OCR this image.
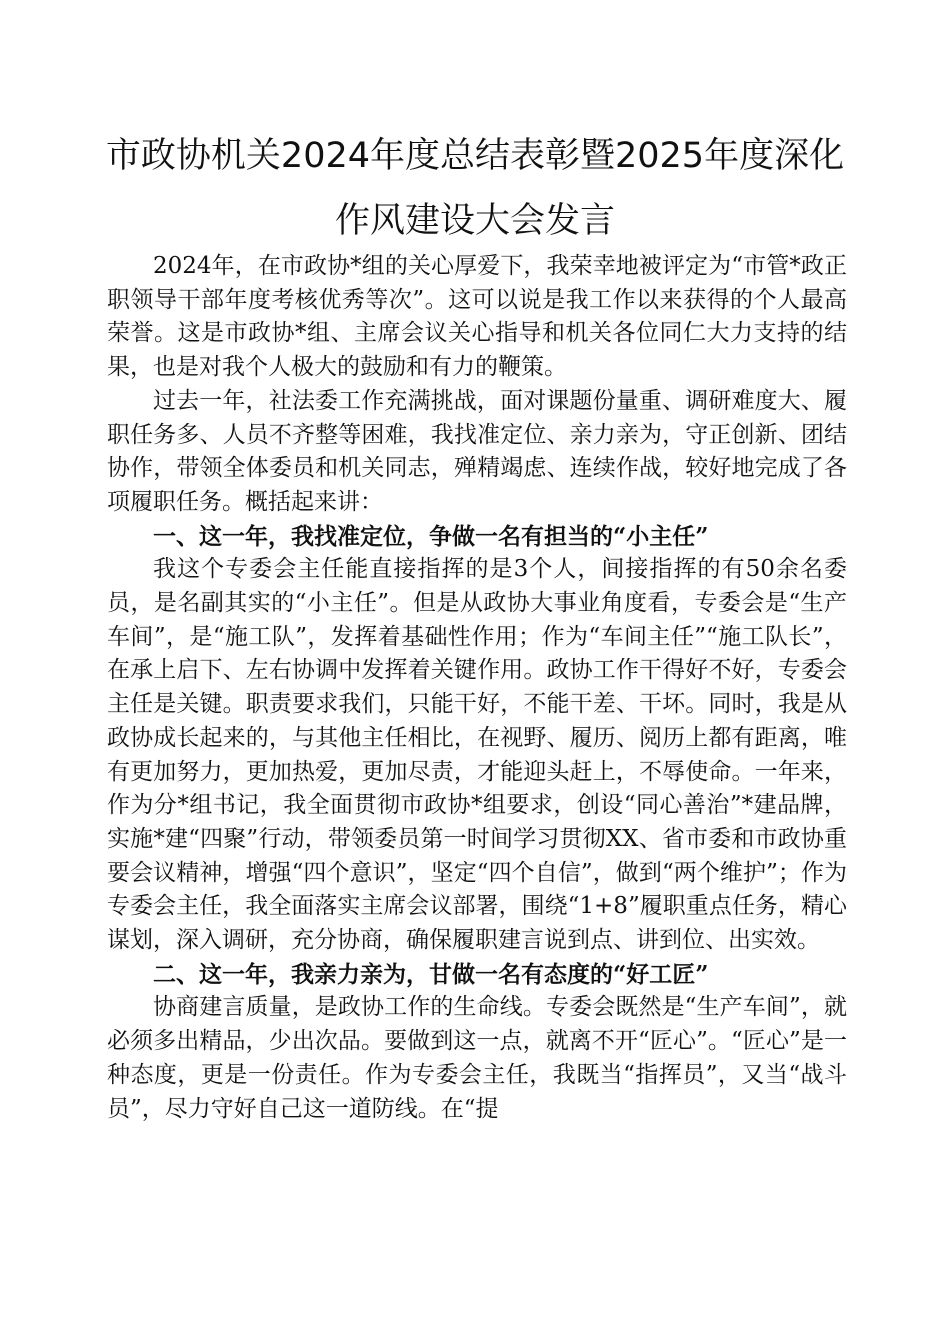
市政协机关2024年度总结表彰暨2025年度深化
作风建设大会发言

2024年，在市政协*组的关心厚爱下，我荣幸地被评定为“市管*政正职领导干部年度考核优秀等次”。这可以说是我工作以来获得的个人最高荣誉。这是市政协*组、主席会议关心指导和机关各位同仁大力支持的结果，也是对我个人极大的鼓励和有力的鞭策。

过去一年，社法委工作充满挑战，面对课题份量重、调研难度大、履职任务多、人员不齐整等困难，我找准定位、亲力亲为，守正创新、团结协作，带领全体委员和机关同志，殚精竭虑、连续作战，较好地完成了各项履职任务。概括起来讲：

一、这一年，我找准定位，争做一名有担当的“小主任”

我这个专委会主任能直接指挥的是3个人，间接指挥的有50余名委员，是名副其实的“小主任”。但是从政协大事业角度看，专委会是“生产车间”，是“施工队”，发挥着基础性作用；作为“车间主任”“施工队长”，在承上启下、左右协调中发挥着关键作用。政协工作干得好不好，专委会主任是关键。职责要求我们，只能干好，不能干差、干坏。同时，我是从政协成长起来的，与其他主任相比，在视野、履历、阅历上都有距离，唯有更加努力，更加热爱，更加尽责，才能迎头赶上，不辱使命。一年来，作为分*组书记，我全面贯彻市政协*组要求，创设“同心善治”*建品牌，实施*建“四聚”行动，带领委员第一时间学习贯彻XX、省市委和市政协重要会议精神，增强“四个意识”，坚定“四个自信”，做到“两个维护”；作为专委会主任，我全面落实主席会议部署，围绕“1+8”履职重点任务，精心谋划，深入调研，充分协商，确保履职建言说到点、讲到位、出实效。

二、这一年，我亲力亲为，甘做一名有态度的“好工匠”

协商建言质量，是政协工作的生命线。专委会既然是“生产车间”，就必须多出精品，少出次品。要做到这一点，就离不开“匠心”。“匠心”是一种态度，更是一份责任。作为专委会主任，我既当“指挥员”，又当“战斗员”，尽力守好自己这一道防线。在“提
